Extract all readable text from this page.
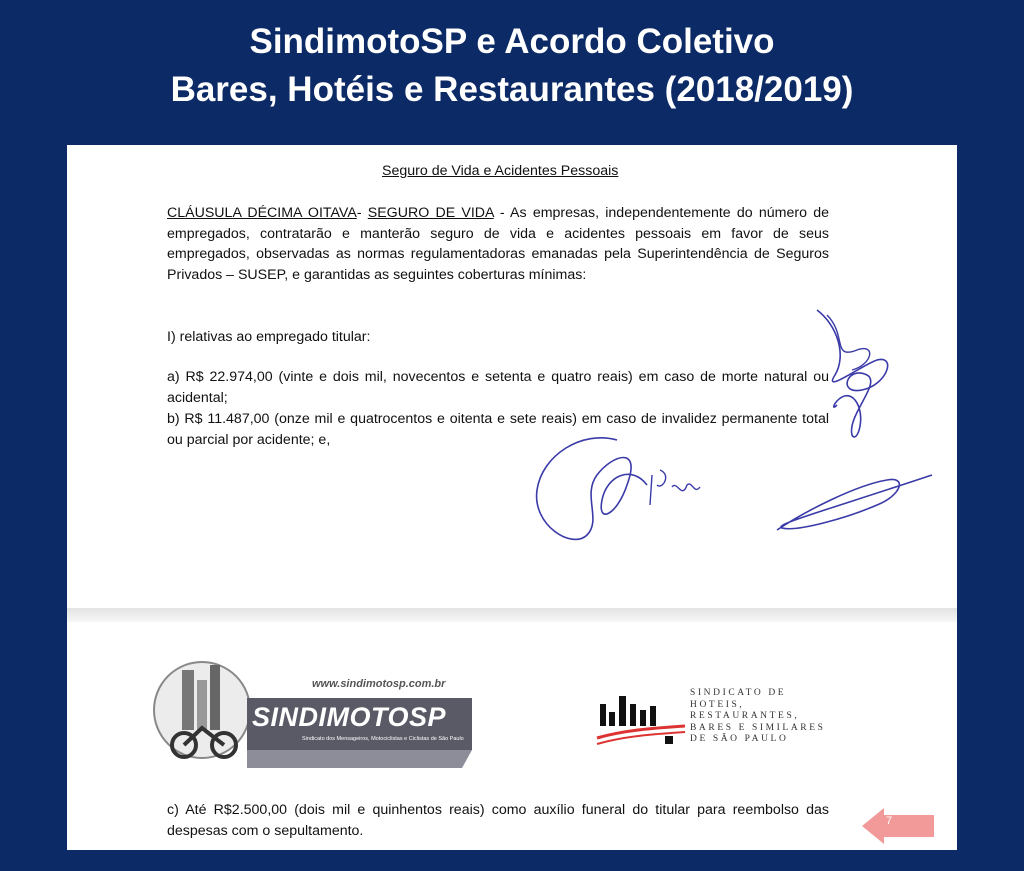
SindimotoSP e Acordo Coletivo
Bares, Hotéis e Restaurantes (2018/2019)
Seguro de Vida e Acidentes Pessoais
CLÁUSULA DÉCIMA OITAVA- SEGURO DE VIDA - As empresas, independentemente do número de empregados, contratarão e manterão seguro de vida e acidentes pessoais em favor de seus empregados, observadas as normas regulamentadoras emanadas pela Superintendência de Seguros Privados – SUSEP, e garantidas as seguintes coberturas mínimas:
I) relativas ao empregado titular:
a) R$ 22.974,00 (vinte e dois mil, novecentos e setenta e quatro reais) em caso de morte natural ou acidental;
b) R$ 11.487,00 (onze mil e quatrocentos e oitenta e sete reais) em caso de invalidez permanente total ou parcial por acidente; e,
www.sindimotosp.com.br
SINDIMOTOSP
Sindicato dos Mensageiros, Motociclistas e Ciclistas de São Paulo
SINDICATO DE
HOTEIS,
RESTAURANTES,
BARES E SIMILARES
DE SÃO PAULO
c) Até R$2.500,00 (dois mil e quinhentos reais) como auxílio funeral do titular para reembolso das despesas com o sepultamento.
7
